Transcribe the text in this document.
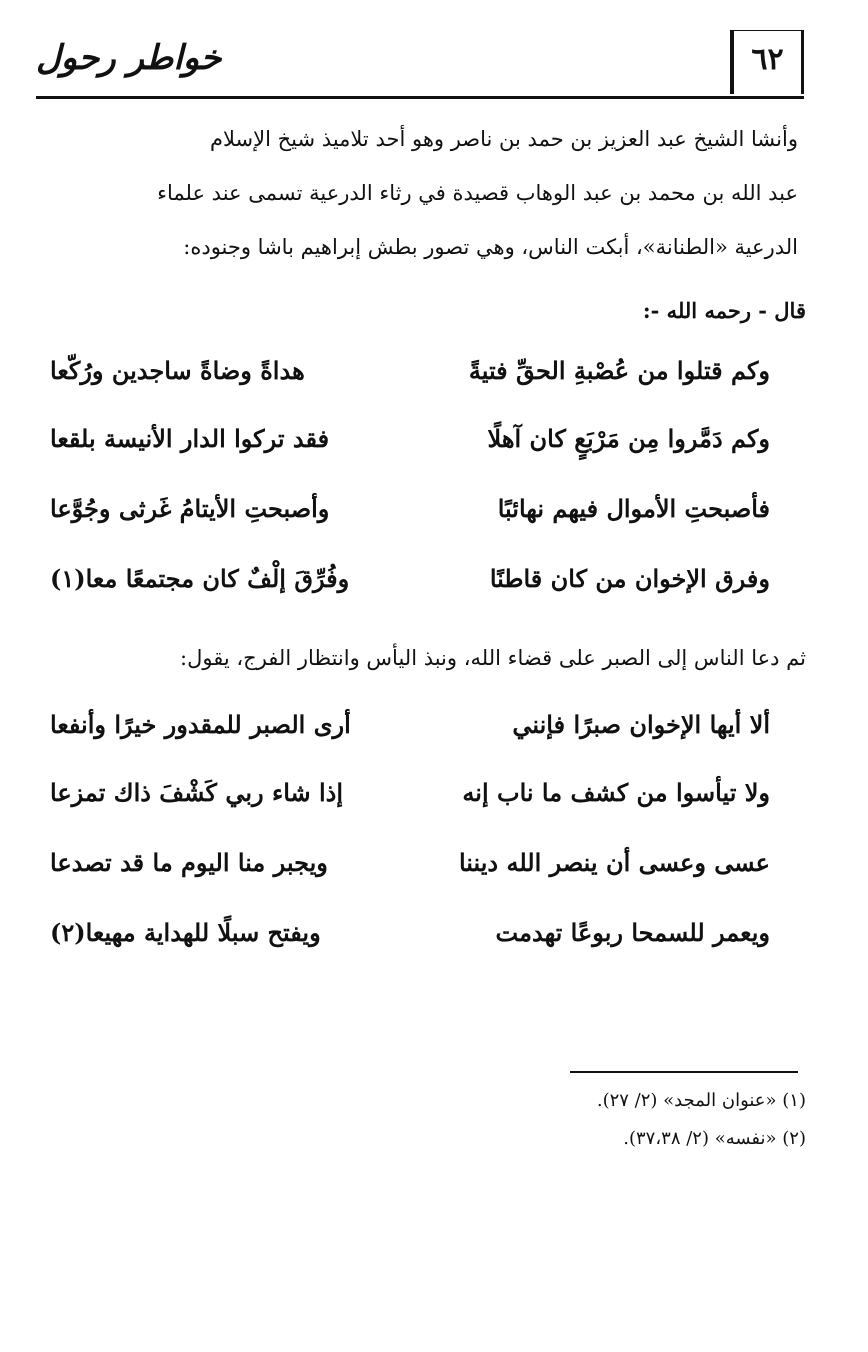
خواطر رحول	٦٢
وأنشا الشيخ عبد العزيز بن حمد بن ناصر وهو أحد تلاميذ شيخ الإسلام
عبد الله بن محمد بن عبد الوهاب قصيدة في رثاء الدرعية تسمى عند علماء
الدرعية «الطنانة»، أبكت الناس، وهي تصور بطش إبراهيم باشا وجنوده:
قال - رحمه الله -:
وكم قتلوا من عُصْبةِ الحقِّ فتيةً
هداةً وضاةً ساجدين ورُكّعا
وكم دَمَّروا مِن مَرْبَعٍ كان آهلًا
فقد تركوا الدار الأنيسة بلقعا
فأصبحتِ الأموال فيهم نهائبًا
وأصبحتِ الأيتامُ غَرثى وجُوَّعا
وفرق الإخوان من كان قاطنًا
وفُرِّقَ إلْفٌ كان مجتمعًا معا(١)
ثم دعا الناس إلى الصبر على قضاء الله، ونبذ اليأس وانتظار الفرج، يقول:
ألا أيها الإخوان صبرًا فإنني
أرى الصبر للمقدور خيرًا وأنفعا
ولا تيأسوا من كشف ما ناب إنه
إذا شاء ربي كَشْفَ ذاك تمزعا
عسى وعسى أن ينصر الله ديننا
ويجبر منا اليوم ما قد تصدعا
ويعمر للسمحا ربوعًا تهدمت
ويفتح سبلًا للهداية مهيعا(٢)
(١) «عنوان المجد» (٢/ ٢٧).
(٢) «نفسه» (٢/ ٣٧،٣٨).
